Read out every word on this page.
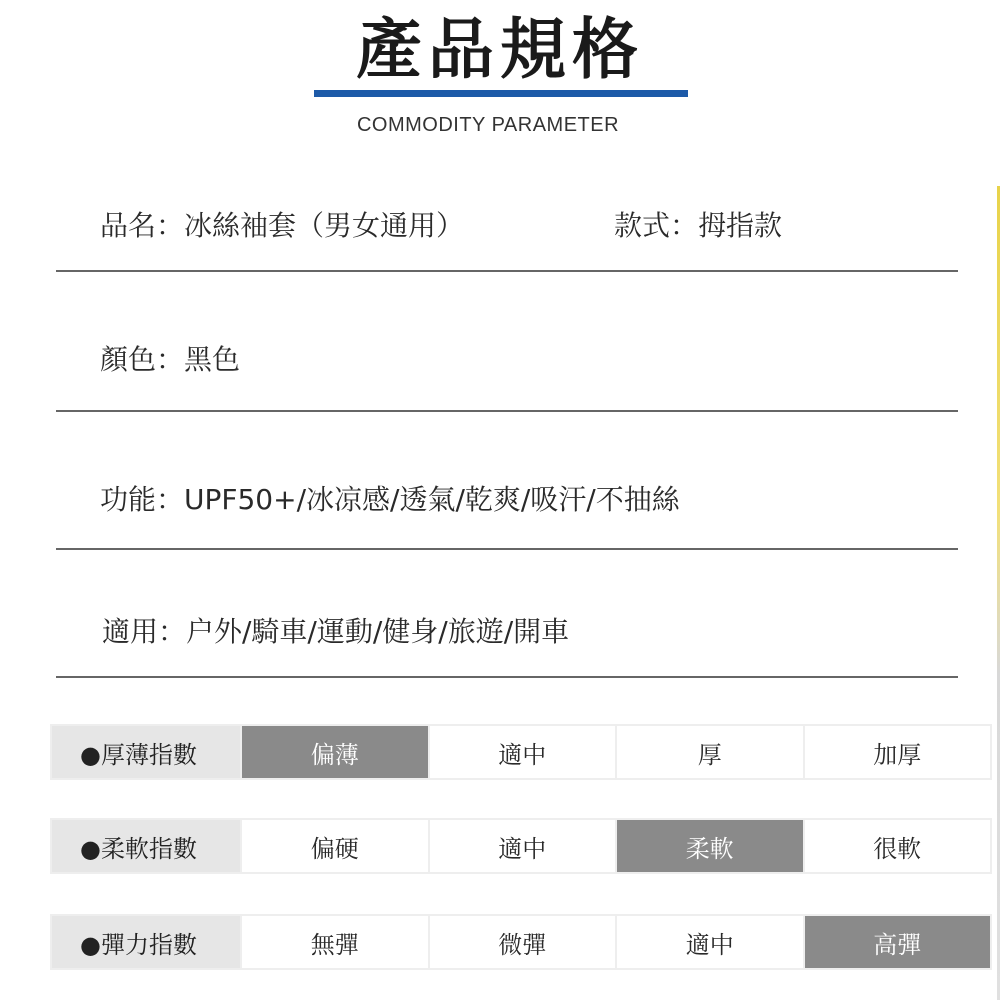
產品規格
COMMODITY PARAMETER
品名：冰絲袖套（男女通用）	款式：拇指款
顏色：黑色
功能：UPF50+/冰凉感/透氣/乾爽/吸汗/不抽絲
適用：户外/騎車/運動/健身/旅遊/開車
●厚薄指數	偏薄	適中	厚	加厚
●柔軟指數	偏硬	適中	柔軟	很軟
●彈力指數	無彈	微彈	適中	高彈
